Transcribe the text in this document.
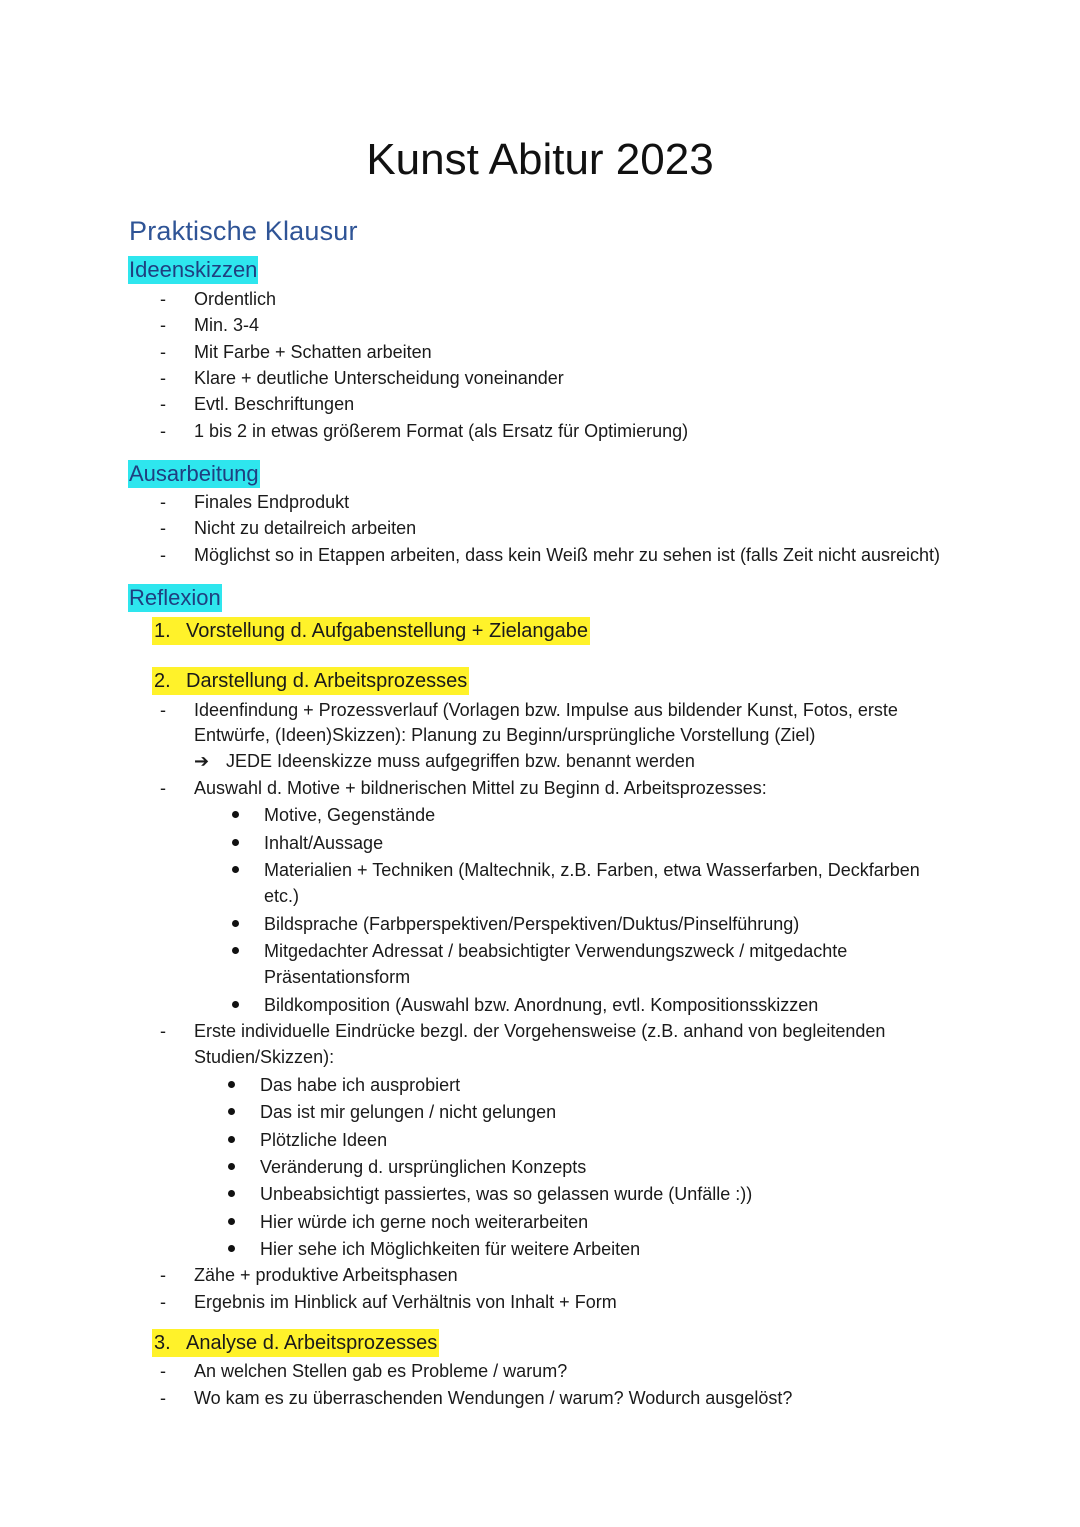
Kunst Abitur 2023
Praktische Klausur
Ideenskizzen
- Ordentlich
- Min. 3-4
- Mit Farbe + Schatten arbeiten
- Klare + deutliche Unterscheidung voneinander
- Evtl. Beschriftungen
- 1 bis 2 in etwas größerem Format (als Ersatz für Optimierung)
Ausarbeitung
- Finales Endprodukt
- Nicht zu detailreich arbeiten
- Möglichst so in Etappen arbeiten, dass kein Weiß mehr zu sehen ist (falls Zeit nicht ausreicht)
Reflexion
1. Vorstellung d. Aufgabenstellung + Zielangabe
2. Darstellung d. Arbeitsprozesses
- Ideenfindung + Prozessverlauf (Vorlagen bzw. Impulse aus bildender Kunst, Fotos, erste
Entwürfe, (Ideen)Skizzen): Planung zu Beginn/ursprüngliche Vorstellung (Ziel)
➔ JEDE Ideenskizze muss aufgegriffen bzw. benannt werden
- Auswahl d. Motive + bildnerischen Mittel zu Beginn d. Arbeitsprozesses:
Motive, Gegenstände
Inhalt/Aussage
Materialien + Techniken (Maltechnik, z.B. Farben, etwa Wasserfarben, Deckfarben
etc.)
Bildsprache (Farbperspektiven/Perspektiven/Duktus/Pinselführung)
Mitgedachter Adressat / beabsichtigter Verwendungszweck / mitgedachte
Präsentationsform
Bildkomposition (Auswahl bzw. Anordnung, evtl. Kompositionsskizzen
- Erste individuelle Eindrücke bezgl. der Vorgehensweise (z.B. anhand von begleitenden
Studien/Skizzen):
Das habe ich ausprobiert
Das ist mir gelungen / nicht gelungen
Plötzliche Ideen
Veränderung d. ursprünglichen Konzepts
Unbeabsichtigt passiertes, was so gelassen wurde (Unfälle :))
Hier würde ich gerne noch weiterarbeiten
Hier sehe ich Möglichkeiten für weitere Arbeiten
- Zähe + produktive Arbeitsphasen
- Ergebnis im Hinblick auf Verhältnis von Inhalt + Form
3. Analyse d. Arbeitsprozesses
- An welchen Stellen gab es Probleme / warum?
- Wo kam es zu überraschenden Wendungen / warum? Wodurch ausgelöst?
